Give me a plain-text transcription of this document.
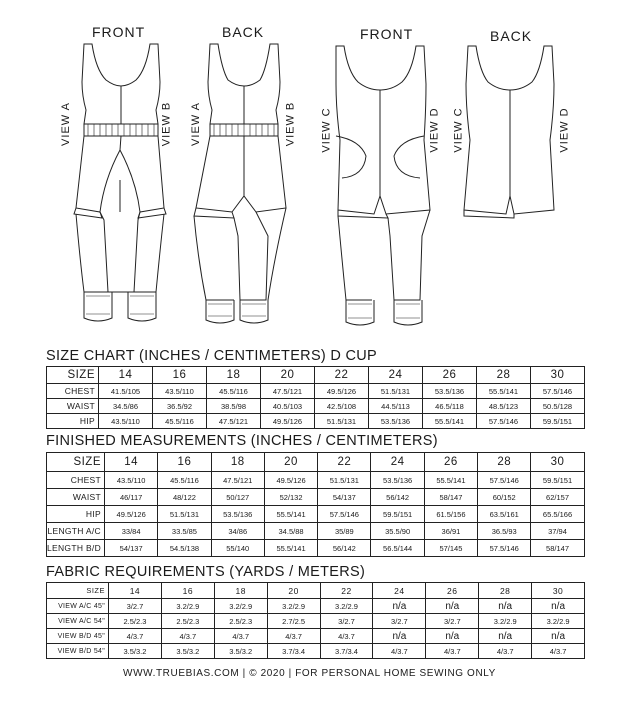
FRONT	BACK	FRONT	BACK
VIEW A	VIEW B VIEW A	VIEW B VIEW C	VIEW D VIEW C	VIEW D
SIZE CHART (INCHES / CENTIMETERS) D CUP
SIZE	14	16	18	20	22	24	26	28	30
CHEST	41.5/105	43.5/110	45.5/116	47.5/121	49.5/126	51.5/131	53.5/136	55.5/141	57.5/146
WAIST	34.5/86	36.5/92	38.5/98	40.5/103	42.5/108	44.5/113	46.5/118	48.5/123	50.5/128
HIP	43.5/110	45.5/116	47.5/121	49.5/126	51.5/131	53.5/136	55.5/141	57.5/146	59.5/151
FINISHED MEASUREMENTS (INCHES / CENTIMETERS)
SIZE	14	16	18	20	22	24	26	28	30
CHEST	43.5/110	45.5/116	47.5/121	49.5/126	51.5/131	53.5/136	55.5/141	57.5/146	59.5/151
WAIST	46/117	48/122	50/127	52/132	54/137	56/142	58/147	60/152	62/157
HIP	49.5/126	51.5/131	53.5/136	55.5/141	57.5/146	59.5/151	61.5/156	63.5/161	65.5/166
LENGTH A/C	33/84	33.5/85	34/86	34.5/88	35/89	35.5/90	36/91	36.5/93	37/94
LENGTH B/D	54/137	54.5/138	55/140	55.5/141	56/142	56.5/144	57/145	57.5/146	58/147
FABRIC REQUIREMENTS (YARDS / METERS)
SIZE	14	16	18	20	22	24	26	28	30
VIEW A/C 45"	3/2.7	3.2/2.9	3.2/2.9	3.2/2.9	3.2/2.9	n/a	n/a	n/a	n/a
VIEW A/C 54"	2.5/2.3	2.5/2.3	2.5/2.3	2.7/2.5	3/2.7	3/2.7	3/2.7	3.2/2.9	3.2/2.9
VIEW B/D 45"	4/3.7	4/3.7	4/3.7	4/3.7	4/3.7	n/a	n/a	n/a	n/a
VIEW B/D 54"	3.5/3.2	3.5/3.2	3.5/3.2	3.7/3.4	3.7/3.4	4/3.7	4/3.7	4/3.7	4/3.7
WWW.TRUEBIAS.COM | © 2020 | FOR PERSONAL HOME SEWING ONLY
